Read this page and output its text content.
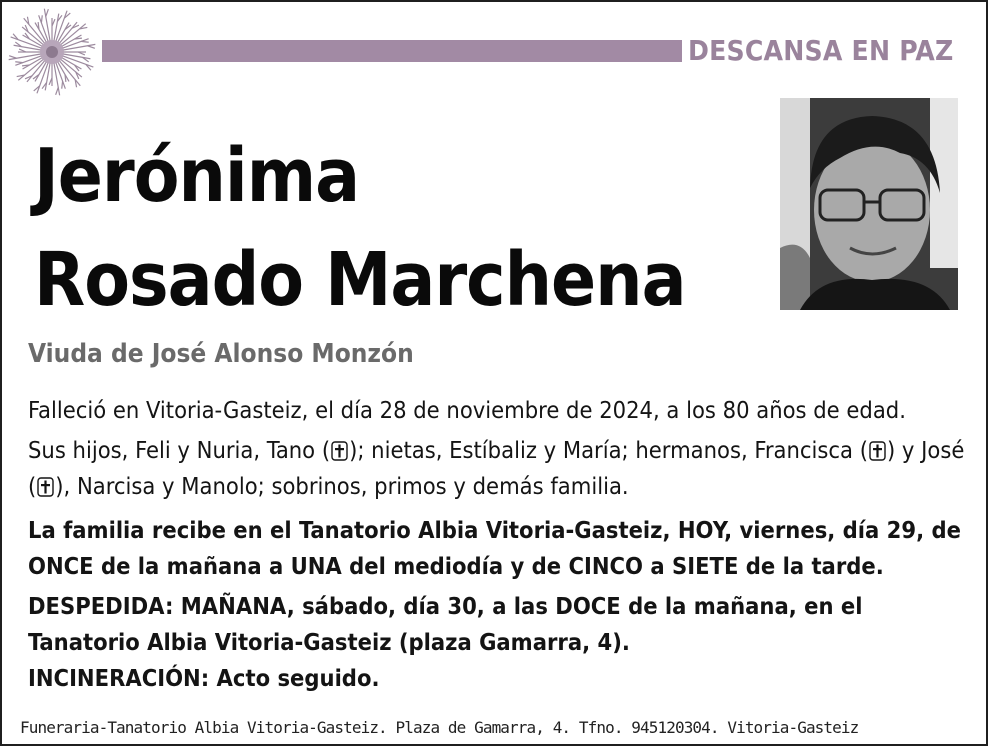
DESCANSA EN PAZ
Jerónima
Rosado Marchena
Viuda de José Alonso Monzón
Falleció en Vitoria-Gasteiz, el día 28 de noviembre de 2024, a los 80 años de edad.
Sus hijos, Feli y Nuria, Tano ( ); nietas, Estíbaliz y María; hermanos, Francisca ( ) y José ( ), Narcisa y Manolo; sobrinos, primos y demás familia.
La familia recibe en el Tanatorio Albia Vitoria-Gasteiz, HOY, viernes, día 29, de ONCE de la mañana a UNA del mediodía y de CINCO a SIETE de la tarde.
DESPEDIDA: MAÑANA, sábado, día 30, a las DOCE de la mañana, en el Tanatorio Albia Vitoria-Gasteiz (plaza Gamarra, 4).
INCINERACIÓN: Acto seguido.
Funeraria-Tanatorio Albia Vitoria-Gasteiz. Plaza de Gamarra, 4. Tfno. 945120304. Vitoria-Gasteiz
